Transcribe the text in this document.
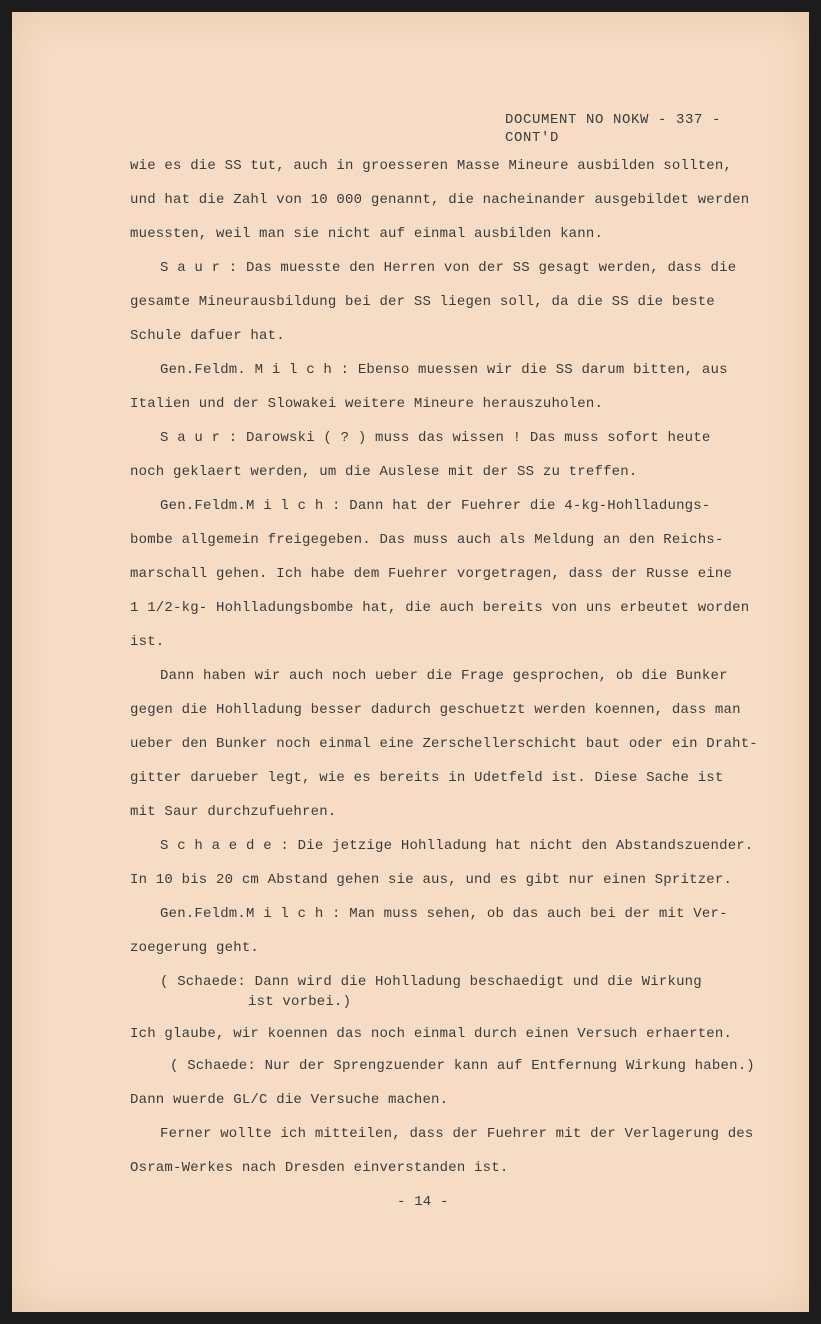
DOCUMENT NO NOKW - 337 -

CONT'D

wie es die SS tut, auch in groesseren Masse Mineure ausbilden sollten,

und hat die Zahl von 10 000 genannt, die nacheinander ausgebildet werden

muessten, weil man sie nicht auf einmal ausbilden kann.

S a u r : Das muesste den Herren von der SS gesagt werden, dass die

gesamte Mineurausbildung bei der SS liegen soll, da die SS die beste

Schule dafuer hat.

Gen.Feldm. M i l c h : Ebenso muessen wir die SS darum bitten, aus

Italien und der Slowakei weitere Mineure herauszuholen.

S a u r : Darowski ( ? ) muss das wissen ! Das muss sofort heute

noch geklaert werden, um die Auslese mit der SS zu treffen.

Gen.Feldm.M i l c h : Dann hat der Fuehrer die 4-kg-Hohlladungs-

bombe allgemein freigegeben. Das muss auch als Meldung an den Reichs-

marschall gehen. Ich habe dem Fuehrer vorgetragen, dass der Russe eine

1 1/2-kg- Hohlladungsbombe hat, die auch bereits von uns erbeutet worden

ist.

Dann haben wir auch noch ueber die Frage gesprochen, ob die Bunker

gegen die Hohlladung besser dadurch geschuetzt werden koennen, dass man

ueber den Bunker noch einmal eine Zerschellerschicht baut oder ein Draht-

gitter darueber legt, wie es bereits in Udetfeld ist. Diese Sache ist

mit Saur durchzufuehren.

S c h a e d e : Die jetzige Hohlladung hat nicht den Abstandszuender.

In 10 bis 20 cm Abstand gehen sie aus, und es gibt nur einen Spritzer.

Gen.Feldm.M i l c h : Man muss sehen, ob das auch bei der mit Ver-

zoegerung geht.

( Schaede: Dann wird die Hohlladung beschaedigt und die Wirkung

ist vorbei.)

Ich glaube, wir koennen das noch einmal durch einen Versuch erhaerten.

( Schaede: Nur der Sprengzuender kann auf Entfernung Wirkung haben.)

Dann wuerde GL/C die Versuche machen.

Ferner wollte ich mitteilen, dass der Fuehrer mit der Verlagerung des

Osram-Werkes nach Dresden einverstanden ist.

- 14 -
